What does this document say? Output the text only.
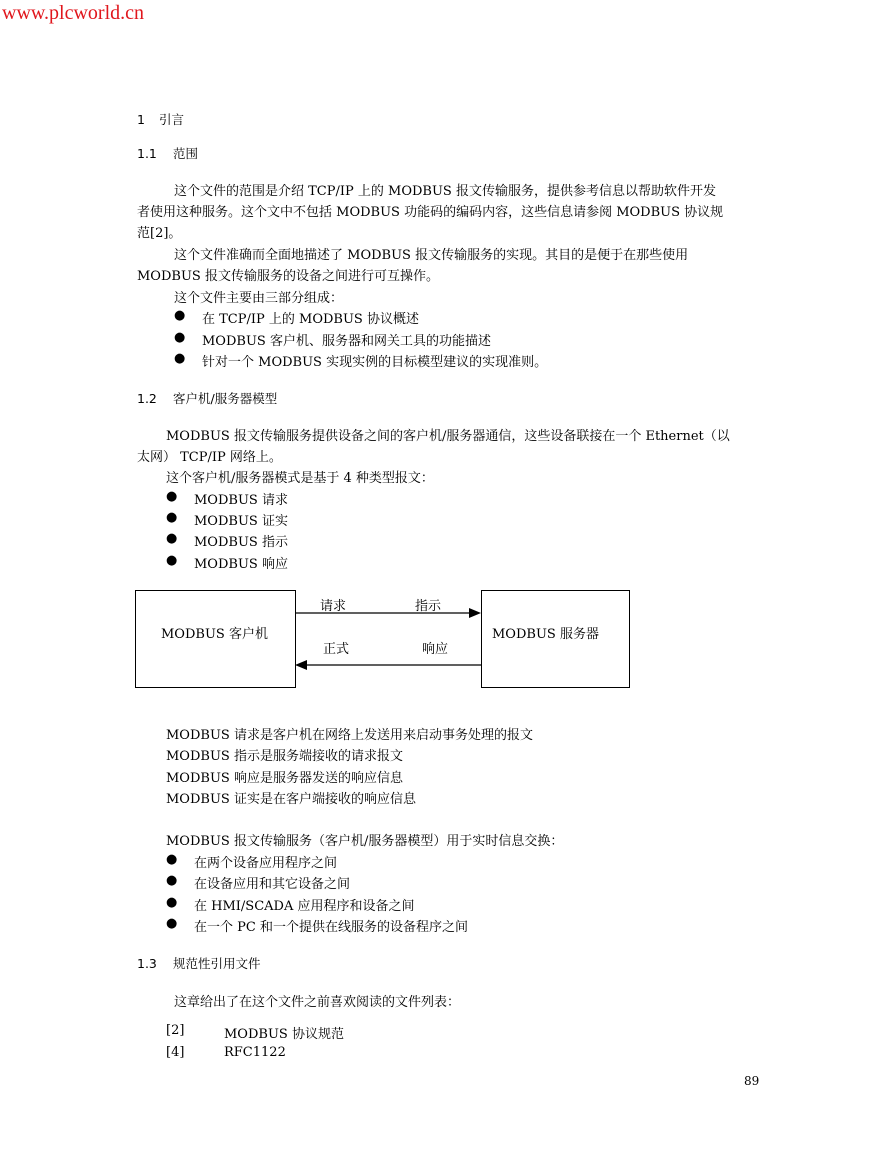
www.plcworld.cn
1 引言
1.1 范围
这个文件的范围是介绍 TCP/IP 上的 MODBUS 报文传输服务，提供参考信息以帮助软件开发
者使用这种服务。这个文中不包括 MODBUS 功能码的编码内容，这些信息请参阅 MODBUS 协议规
范[2]。
这个文件准确而全面地描述了 MODBUS 报文传输服务的实现。其目的是便于在那些使用
MODBUS 报文传输服务的设备之间进行可互操作。
这个文件主要由三部分组成：
● 在 TCP/IP 上的 MODBUS 协议概述
● MODBUS 客户机、服务器和网关工具的功能描述
● 针对一个 MODBUS 实现实例的目标模型建议的实现准则。
1.2 客户机/服务器模型
MODBUS 报文传输服务提供设备之间的客户机/服务器通信，这些设备联接在一个 Ethernet（以
太网） TCP/IP 网络上。
这个客户机/服务器模式是基于 4 种类型报文：
● MODBUS 请求
● MODBUS 证实
● MODBUS 指示
● MODBUS 响应
MODBUS 客户机	MODBUS 服务器
请求	指示
正式	响应
MODBUS 请求是客户机在网络上发送用来启动事务处理的报文
MODBUS 指示是服务端接收的请求报文
MODBUS 响应是服务器发送的响应信息
MODBUS 证实是在客户端接收的响应信息
MODBUS 报文传输服务（客户机/服务器模型）用于实时信息交换：
● 在两个设备应用程序之间
● 在设备应用和其它设备之间
● 在 HMI/SCADA 应用程序和设备之间
● 在一个 PC 和一个提供在线服务的设备程序之间
1.3 规范性引用文件
这章给出了在这个文件之前喜欢阅读的文件列表：
[2]	MODBUS 协议规范
[4]	RFC1122
89
